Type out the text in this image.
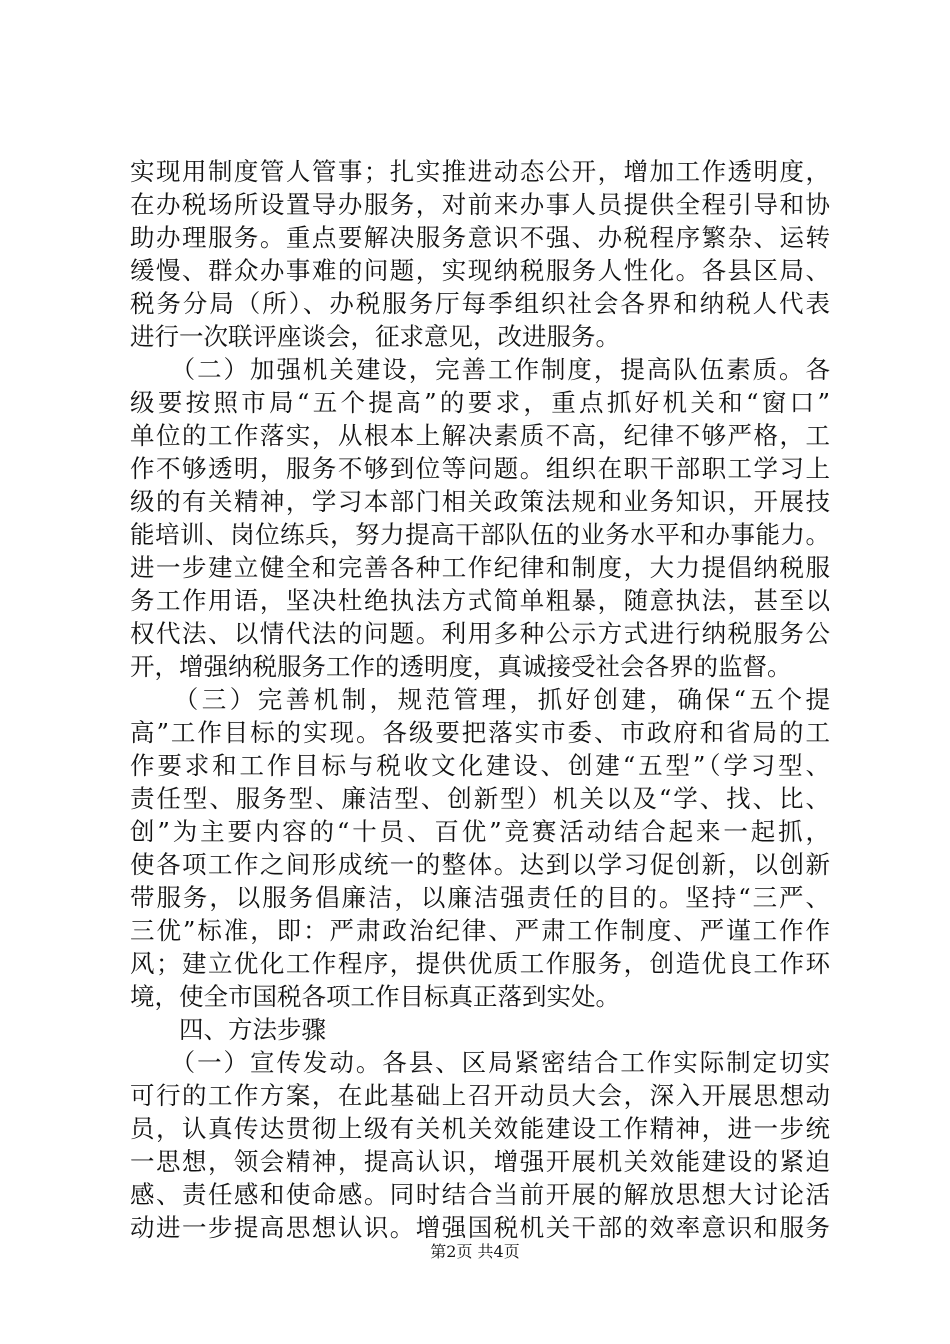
实现用制度管人管事；扎实推进动态公开，增加工作透明度，
在办税场所设置导办服务，对前来办事人员提供全程引导和协
助办理服务。重点要解决服务意识不强、办税程序繁杂、运转
缓慢、群众办事难的问题，实现纳税服务人性化。各县区局、
税务分局（所）、办税服务厅每季组织社会各界和纳税人代表
进行一次联评座谈会，征求意见，改进服务。
　　（二）加强机关建设，完善工作制度，提高队伍素质。各
级要按照市局“五个提高”的要求，重点抓好机关和“窗口”
单位的工作落实，从根本上解决素质不高，纪律不够严格，工
作不够透明，服务不够到位等问题。组织在职干部职工学习上
级的有关精神，学习本部门相关政策法规和业务知识，开展技
能培训、岗位练兵，努力提高干部队伍的业务水平和办事能力。
进一步建立健全和完善各种工作纪律和制度，大力提倡纳税服
务工作用语，坚决杜绝执法方式简单粗暴，随意执法，甚至以
权代法、以情代法的问题。利用多种公示方式进行纳税服务公
开，增强纳税服务工作的透明度，真诚接受社会各界的监督。
　　（三）完善机制，规范管理，抓好创建，确保“五个提
高”工作目标的实现。各级要把落实市委、市政府和省局的工
作要求和工作目标与税收文化建设、创建“五型”（学习型、
责任型、服务型、廉洁型、创新型）机关以及“学、找、比、
创”为主要内容的“十员、百优”竞赛活动结合起来一起抓，
使各项工作之间形成统一的整体。达到以学习促创新，以创新
带服务，以服务倡廉洁，以廉洁强责任的目的。坚持“三严、
三优”标准，即：严肃政治纪律、严肃工作制度、严谨工作作
风；建立优化工作程序，提供优质工作服务，创造优良工作环
境，使全市国税各项工作目标真正落到实处。
　　四、方法步骤
　　（一）宣传发动。各县、区局紧密结合工作实际制定切实
可行的工作方案，在此基础上召开动员大会，深入开展思想动
员，认真传达贯彻上级有关机关效能建设工作精神，进一步统
一思想，领会精神，提高认识，增强开展机关效能建设的紧迫
感、责任感和使命感。同时结合当前开展的解放思想大讨论活
动进一步提高思想认识。增强国税机关干部的效率意识和服务
第2页 共4页
